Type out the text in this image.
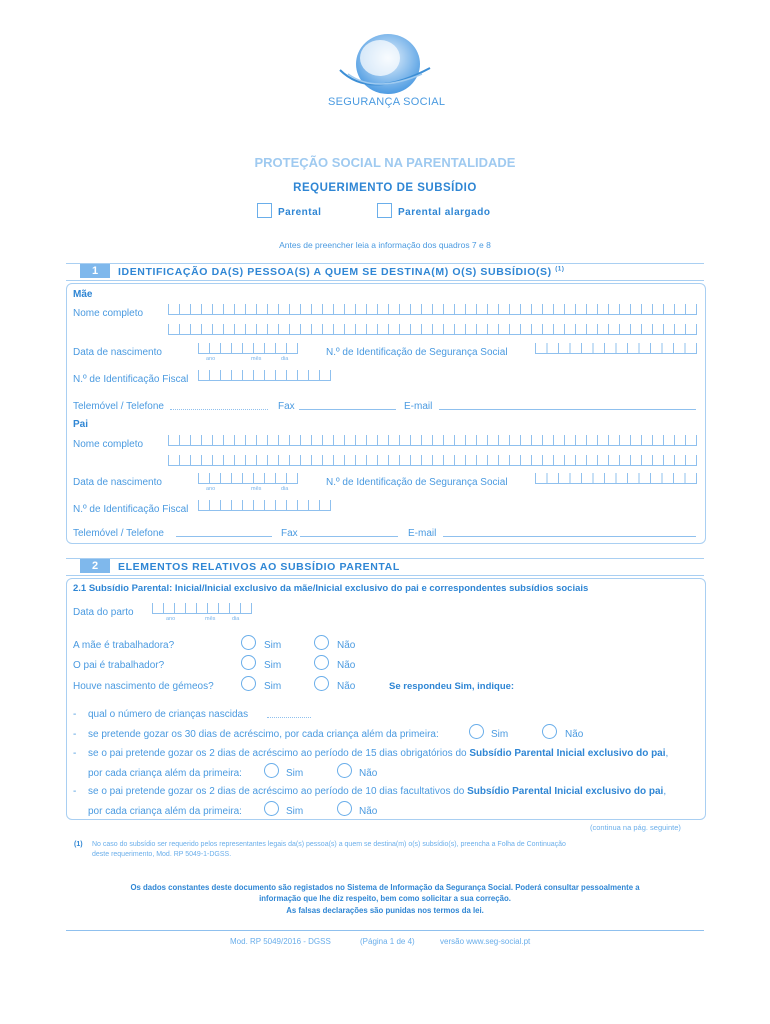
SEGURANÇA SOCIAL
PROTEÇÃO SOCIAL NA PARENTALIDADE
REQUERIMENTO DE SUBSÍDIO
Parental	Parental alargado
Antes de preencher leia a informação dos quadros 7 e 8
1	IDENTIFICAÇÃO DA(S) PESSOA(S) A QUEM SE DESTINA(M) O(S) SUBSÍDIO(S) $^{(1)}$
Mãe
Nome completo
Data de nascimento
ano	mês	dia
N.º de Identificação de Segurança Social
N.º de Identificação Fiscal
Telemóvel / Telefone	Fax	E-mail
Pai
Nome completo
Data de nascimento
ano	mês	dia
N.º de Identificação de Segurança Social
N.º de Identificação Fiscal
Telemóvel / Telefone	Fax	E-mail
2	ELEMENTOS RELATIVOS AO SUBSÍDIO PARENTAL
2.1 Subsídio Parental: Inicial/Inicial exclusivo da mãe/Inicial exclusivo do pai e correspondentes subsídios sociais
Data do parto
ano	mês	dia
A mãe é trabalhadora?	Sim	Não
O pai é trabalhador?	Sim	Não
Houve nascimento de gémeos?	Sim	Não	Se respondeu Sim, indique:
- qual o número de crianças nascidas
- se pretende gozar os 30 dias de acréscimo, por cada criança além da primeira:	Sim	Não
- se o pai pretende gozar os 2 dias de acréscimo ao período de 15 dias obrigatórios do Subsídio Parental Inicial exclusivo do pai,
por cada criança além da primeira:	Sim	Não
- se o pai pretende gozar os 2 dias de acréscimo ao período de 10 dias facultativos do Subsídio Parental Inicial exclusivo do pai,
por cada criança além da primeira:	Sim	Não
(continua na pág. seguinte)
(1) No caso do subsídio ser requerido pelos representantes legais da(s) pessoa(s) a quem se destina(m) o(s) subsídio(s), preencha a Folha de Continuação
deste requerimento, Mod. RP 5049-1-DGSS.
Os dados constantes deste documento são registados no Sistema de Informação da Segurança Social. Poderá consultar pessoalmente a
informação que lhe diz respeito, bem como solicitar a sua correção.
As falsas declarações são punidas nos termos da lei.
Mod. RP 5049/2016 - DGSS	(Página 1 de 4)	versão www.seg-social.pt
